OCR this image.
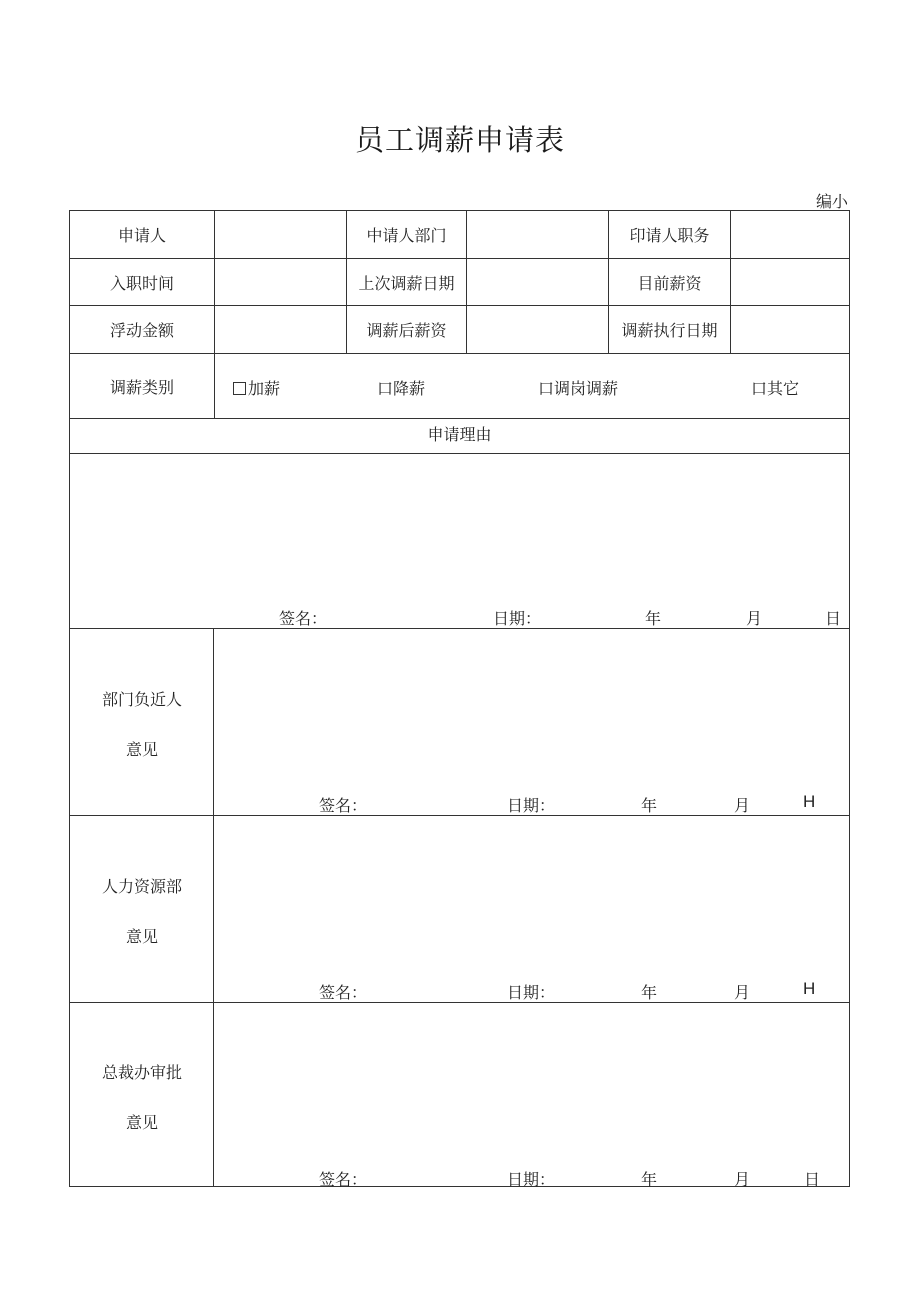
员工调薪申请表
编小
申请人	中请人部门	印请人职务
入职时间	上次调薪日期	目前薪资
浮动金额	调薪后薪资	调薪执行日期
调薪类别	加薪	口降薪	口调岗调薪	口其它
申请理由
签名：	日期：	年	月	日
部门负近人
意见
签名：	日期：	年	月	H
人力资源部
意见
签名：	日期：	年	月	H
总裁办审批
意见
签名：	日期：	年	月	日
